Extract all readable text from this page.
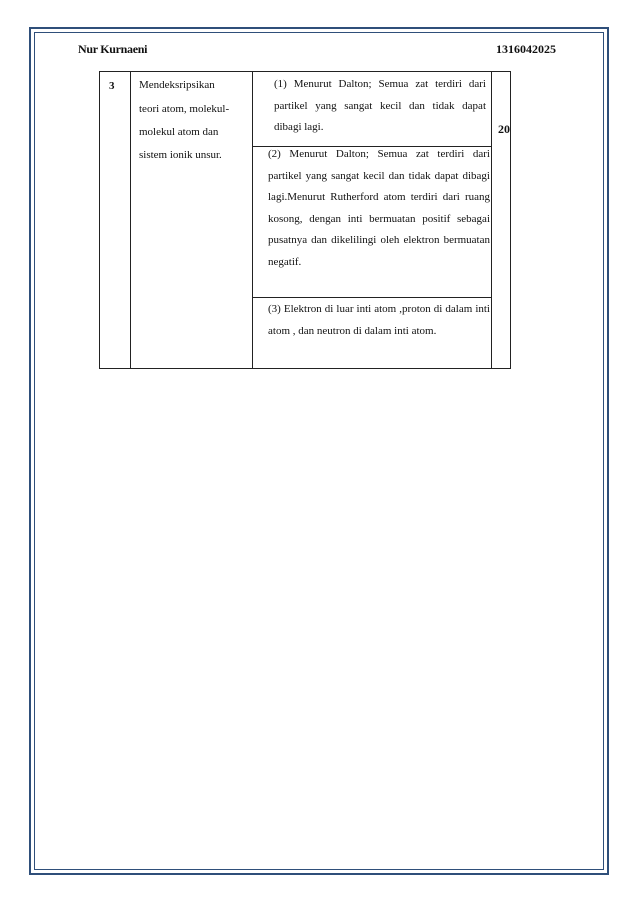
Nur Kurnaeni	1316042025
3 Mendeksripsikan
teori atom, molekul-
molekul atom dan
sistem ionik unsur.
(1) Menurut Dalton; Semua zat terdiri dari partikel yang sangat kecil dan tidak dapat dibagi lagi.
(2) Menurut Dalton; Semua zat terdiri dari partikel yang sangat kecil dan tidak dapat dibagi lagi.Menurut Rutherford atom terdiri dari ruang kosong, dengan inti bermuatan positif sebagai pusatnya dan dikelilingi oleh elektron bermuatan negatif.
(3) Elektron di luar inti atom ,proton di dalam inti atom , dan neutron di dalam inti atom.
20
